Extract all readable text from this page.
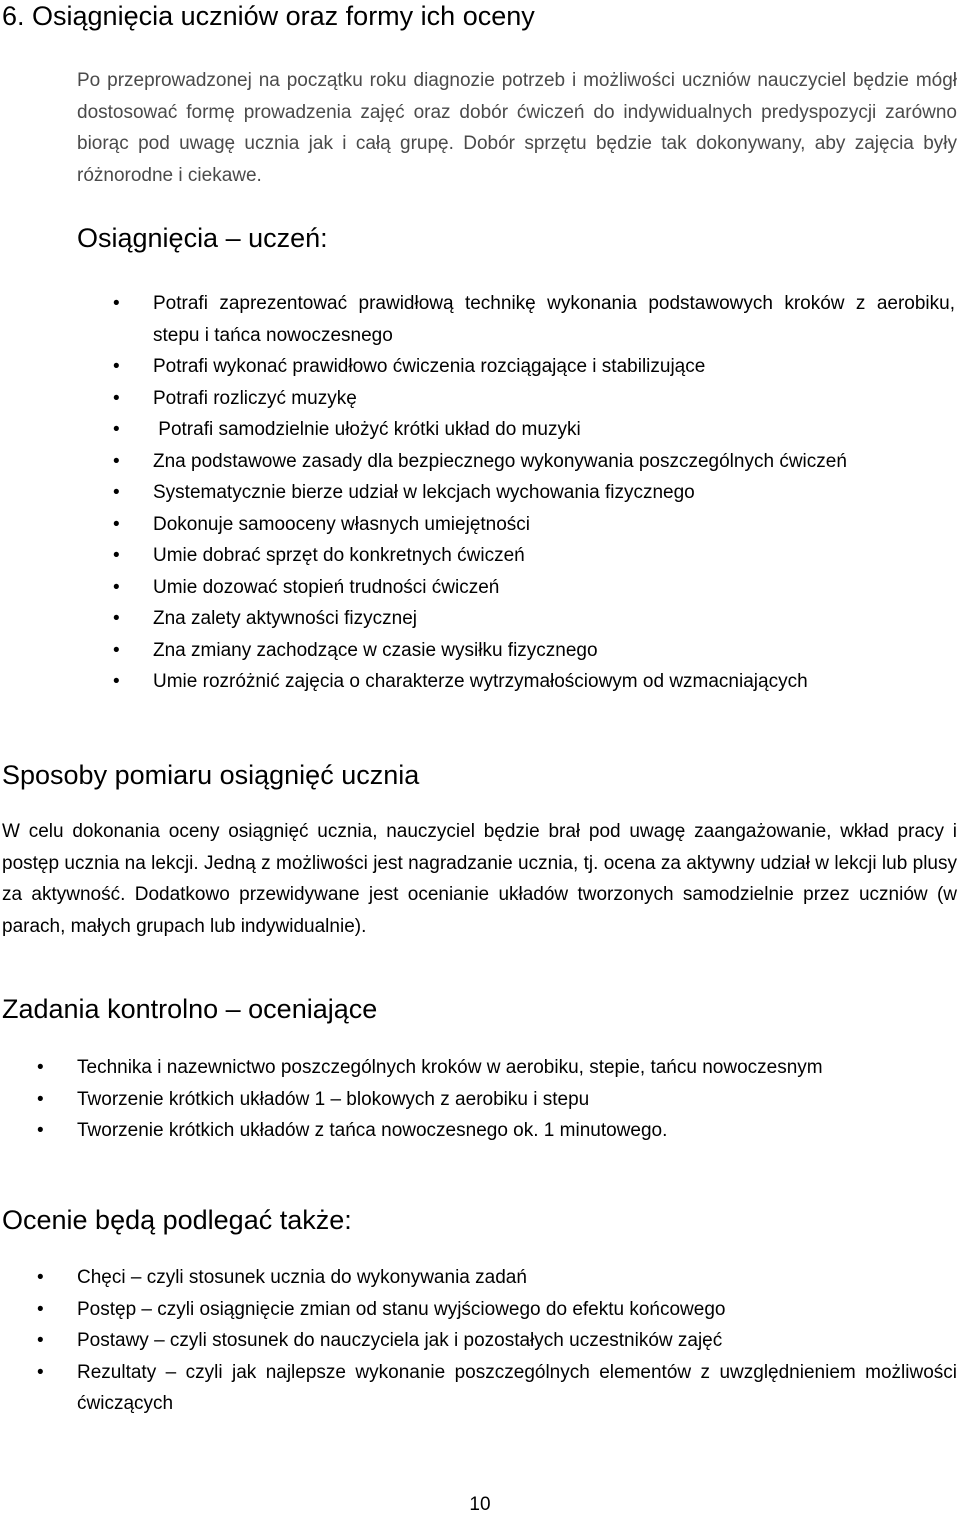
6. Osiągnięcia uczniów oraz formy ich oceny

Po przeprowadzonej na początku roku diagnozie potrzeb i możliwości uczniów nauczyciel będzie mógł dostosować formę prowadzenia zajęć oraz dobór ćwiczeń do indywidualnych predyspozycji zarówno biorąc pod uwagę ucznia jak i całą grupę. Dobór sprzętu będzie tak dokonywany, aby zajęcia były różnorodne i ciekawe.

Osiągnięcia – uczeń:
• Potrafi zaprezentować prawidłową technikę wykonania podstawowych kroków z aerobiku, stepu i tańca nowoczesnego
• Potrafi wykonać prawidłowo ćwiczenia rozciągające i stabilizujące
• Potrafi rozliczyć muzykę
• Potrafi samodzielnie ułożyć krótki układ do muzyki
• Zna podstawowe zasady dla bezpiecznego wykonywania poszczególnych ćwiczeń
• Systematycznie bierze udział w lekcjach wychowania fizycznego
• Dokonuje samooceny własnych umiejętności
• Umie dobrać sprzęt do konkretnych ćwiczeń
• Umie dozować stopień trudności ćwiczeń
• Zna zalety aktywności fizycznej
• Zna zmiany zachodzące w czasie wysiłku fizycznego
• Umie rozróżnić zajęcia o charakterze wytrzymałościowym od wzmacniających
Sposoby pomiaru osiągnięć ucznia

W celu dokonania oceny osiągnięć ucznia, nauczyciel będzie brał pod uwagę zaangażowanie, wkład pracy i postęp ucznia na lekcji. Jedną z możliwości jest nagradzanie ucznia, tj. ocena za aktywny udział w lekcji lub plusy za aktywność. Dodatkowo przewidywane jest ocenianie układów tworzonych samodzielnie przez uczniów (w parach, małych grupach lub indywidualnie).

Zadania kontrolno – oceniające
• Technika i nazewnictwo poszczególnych kroków w aerobiku, stepie, tańcu nowoczesnym
• Tworzenie krótkich układów 1 – blokowych z aerobiku i stepu
• Tworzenie krótkich układów z tańca nowoczesnego ok. 1 minutowego.
Ocenie będą podlegać także:
• Chęci – czyli stosunek ucznia do wykonywania zadań
• Postęp – czyli osiągnięcie zmian od stanu wyjściowego do efektu końcowego
• Postawy – czyli stosunek do nauczyciela jak i pozostałych uczestników zajęć
• Rezultaty – czyli jak najlepsze wykonanie poszczególnych elementów z uwzględnieniem możliwości ćwiczących
10
